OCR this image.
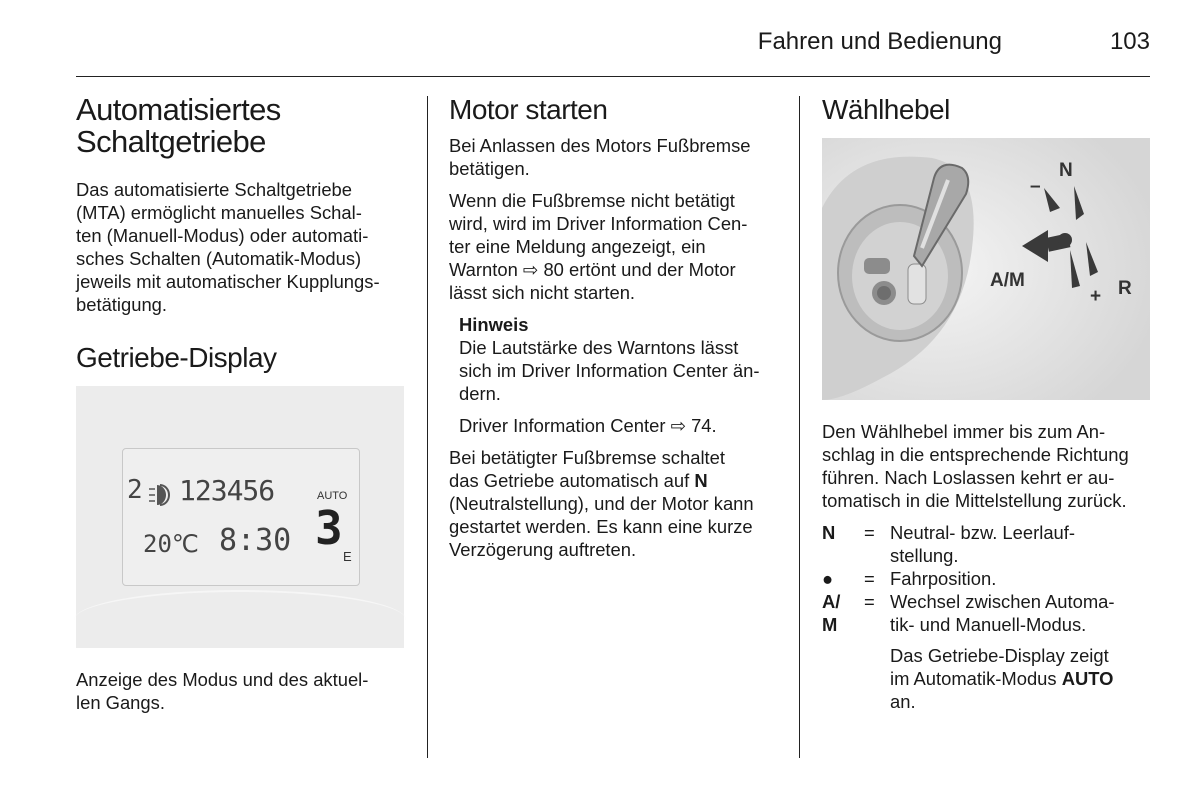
Fahren und Bedienung	103
Automatisiertes
Schaltgetriebe

Das automatisierte Schaltgetriebe
(MTA) ermöglicht manuelles Schal-
ten (Manuell-Modus) oder automati-
sches Schalten (Automatik-Modus)
jeweils mit automatischer Kupplungs-
betätigung.

Getriebe-Display
2 123456	AUTO
20℃ 8:30 3
E

Anzeige des Modus und des aktuel-
len Gangs.

Motor starten

Bei Anlassen des Motors Fußbremse
betätigen.

Wenn die Fußbremse nicht betätigt
wird, wird im Driver Information Cen-
ter eine Meldung angezeigt, ein
Warnton ⇨ 80 ertönt und der Motor
lässt sich nicht starten.

Hinweis
Die Lautstärke des Warntons lässt
sich im Driver Information Center än-
dern.

Driver Information Center ⇨ 74.

Bei betätigter Fußbremse schaltet
das Getriebe automatisch auf N
(Neutralstellung), und der Motor kann
gestartet werden. Es kann eine kurze
Verzögerung auftreten.

Wählhebel
N
–
A/M
+ R

Den Wählhebel immer bis zum An-
schlag in die entsprechende Richtung
führen. Nach Loslassen kehrt er au-
tomatisch in die Mittelstellung zurück.

N	= Neutral- bzw. Leerlauf-
stellung.
●	= Fahrposition.
A/	= Wechsel zwischen Automa-
M	tik- und Manuell-Modus.
Das Getriebe-Display zeigt
im Automatik-Modus AUTO
an.
